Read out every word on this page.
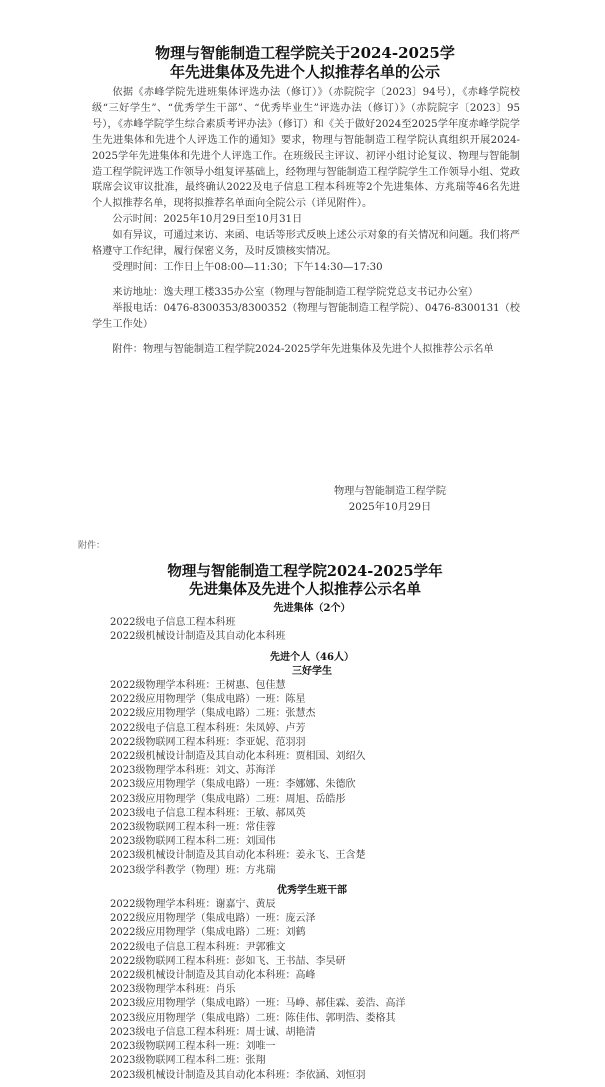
物理与智能制造工程学院关于2024-2025学
年先进集体及先进个人拟推荐名单的公示

依据《赤峰学院先进班集体评选办法（修订）》（赤院院字〔2023〕94号），《赤峰学院校级“三好学生”、“优秀学生干部”、“优秀毕业生”评选办法（修订）》（赤院院字〔2023〕95号），《赤峰学院学生综合素质考评办法》（修订）和《关于做好2024至2025学年度赤峰学院学生先进集体和先进个人评选工作的通知》要求，物理与智能制造工程学院认真组织开展2024-2025学年先进集体和先进个人评选工作。在班级民主评议、初评小组讨论复议、物理与智能制造工程学院评选工作领导小组复评基础上，经物理与智能制造工程学院学生工作领导小组、党政联席会议审议批准，最终确认2022及电子信息工程本科班等2个先进集体、方兆瑞等46名先进个人拟推荐名单，现将拟推荐名单面向全院公示（详见附件）。

公示时间：2025年10月29日至10月31日

如有异议，可通过来访、来函、电话等形式反映上述公示对象的有关情况和问题。我们将严格遵守工作纪律，履行保密义务，及时反馈核实情况。

受理时间：工作日上午08:00—11:30；下午14:30—17:30

来访地址：逸夫理工楼335办公室（物理与智能制造工程学院党总支书记办公室）

举报电话：0476-8300353/8300352（物理与智能制造工程学院）、0476-8300131（校学生工作处）

附件：物理与智能制造工程学院2024-2025学年先进集体及先进个人拟推荐公示名单

物理与智能制造工程学院
2025年10月29日
附件：
物理与智能制造工程学院2024-2025学年
先进集体及先进个人拟推荐公示名单
先进集体（2个）
2022级电子信息工程本科班
2022级机械设计制造及其自动化本科班
先进个人（46人）
三好学生
2022级物理学本科班：王树惠、包佳慧
2022级应用物理学（集成电路）一班：陈星
2022级应用物理学（集成电路）二班：张慧杰
2022级电子信息工程本科班：朱凤婷、卢芳
2022级物联网工程本科班：李亚妮、范羽羽
2022级机械设计制造及其自动化本科班：贾相国、刘绍久
2023级物理学本科班：刘文、苏海洋
2023级应用物理学（集成电路）一班：李娜娜、朱德欣
2023级应用物理学（集成电路）二班：周旭、岳皓彤
2023级电子信息工程本科班：王敏、郝凤英
2023级物联网工程本科一班：常佳蓉
2023级物联网工程本科二班：刘国伟
2023级机械设计制造及其自动化本科班：姜永飞、王含楚
2023级学科教学（物理）班：方兆瑞
优秀学生班干部
2022级物理学本科班：谢嘉宁、黄辰
2022级应用物理学（集成电路）一班：庞云泽
2022级应用物理学（集成电路）二班：刘鹤
2022级电子信息工程本科班：尹郭雅文
2022级物联网工程本科班：彭如飞、王书喆、李昊研
2022级机械设计制造及其自动化本科班：高峰
2023级物理学本科班：肖乐
2023级应用物理学（集成电路）一班：马峥、郝佳霖、姜浩、高洋
2023级应用物理学（集成电路）二班：陈佳伟、郭明浩、娄格其
2023级电子信息工程本科班：周士诚、胡艳清
2023级物联网工程本科一班：刘唯一
2023级物联网工程本科二班：张翔
2023级机械设计制造及其自动化本科班：李依涵、刘恒羽
